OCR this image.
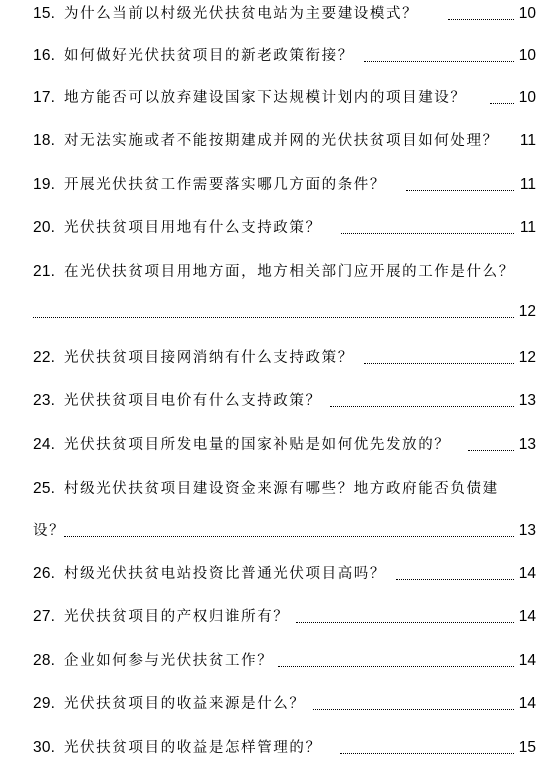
15. 为什么当前以村级光伏扶贫电站为主要建设模式？	10
16. 如何做好光伏扶贫项目的新老政策衔接？	10
17. 地方能否可以放弃建设国家下达规模计划内的项目建设？	10
18. 对无法实施或者不能按期建成并网的光伏扶贫项目如何处理？ 11
19. 开展光伏扶贫工作需要落实哪几方面的条件？	11
20. 光伏扶贫项目用地有什么支持政策？	11
21. 在光伏扶贫项目用地方面，地方相关部门应开展的工作是什么？
12
22. 光伏扶贫项目接网消纳有什么支持政策？	12
23. 光伏扶贫项目电价有什么支持政策？	13
24. 光伏扶贫项目所发电量的国家补贴是如何优先发放的？	13
25. 村级光伏扶贫项目建设资金来源有哪些？地方政府能否负债建
设？	13
26. 村级光伏扶贫电站投资比普通光伏项目高吗？	14
27. 光伏扶贫项目的产权归谁所有？	14
28. 企业如何参与光伏扶贫工作？	14
29. 光伏扶贫项目的收益来源是什么？	14
30. 光伏扶贫项目的收益是怎样管理的？	15
